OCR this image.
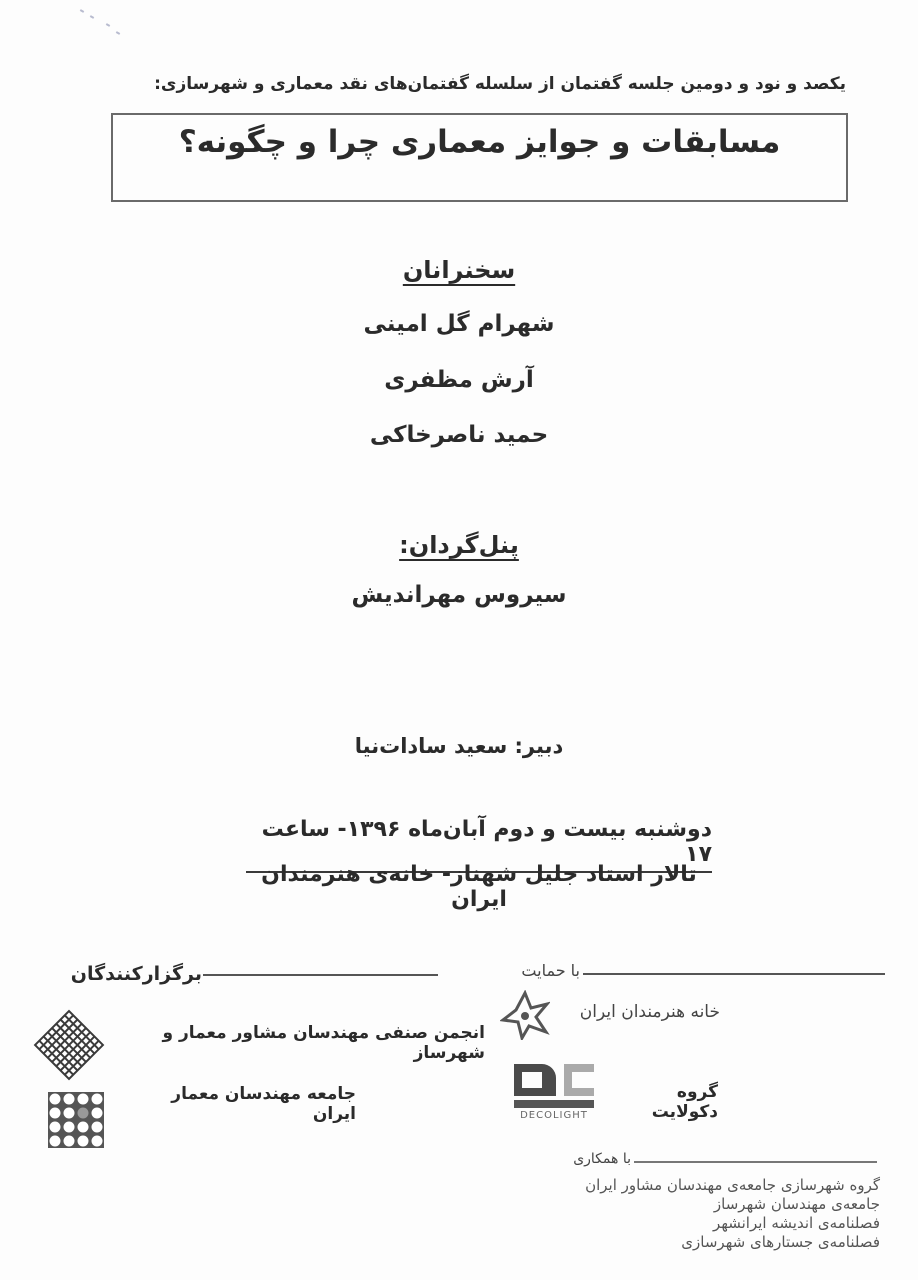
یکصد و نود و دومین جلسه گفتمان از سلسله گفتمان‌های نقد معماری و شهرسازی:
مسابقات و جوایز معماری چرا و چگونه؟
سخنرانان
شهرام گل امینی
آرش مظفری
حمید ناصرخاکی
پنل‌گردان:
سیروس مهراندیش
دبیر: سعید سادات‌نیا
دوشنبه بیست و دوم آبان‌ماه ۱۳۹۶- ساعت ۱۷
تالار استاد جلیل شهناز- خانه‌ی هنرمندان ایران
برگزارکنندگان
انجمن صنفی مهندسان مشاور معمار و شهرساز
جامعه مهندسان معمار ایران
با حمایت
خانه هنرمندان ایران
DECOLIGHT
گروه دکولایت
با همکاری
گروه شهرسازی جامعه‌ی مهندسان مشاور ایران
جامعه‌ی مهندسان شهرساز
فصلنامه‌ی اندیشه ایرانشهر
فصلنامه‌ی جستارهای شهرسازی
